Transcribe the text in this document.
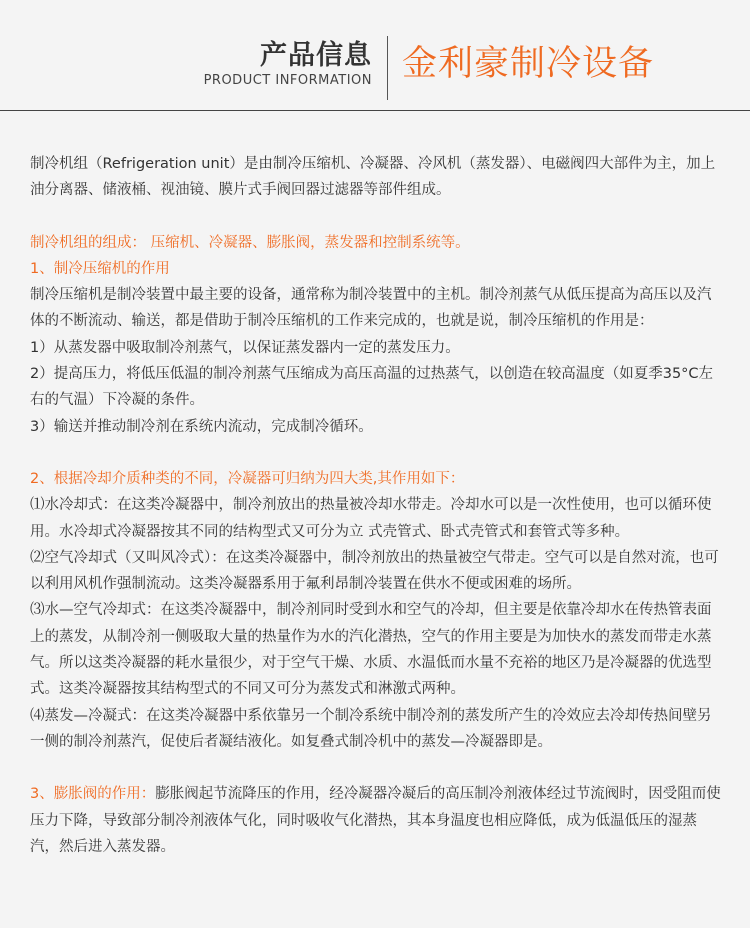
产品信息
PRODUCT INFORMATION 金利豪制冷设备

制冷机组（Refrigeration unit）是由制冷压缩机、冷凝器、冷风机（蒸发器）、电磁阀四大部件为主，加上油分离器、储液桶、视油镜、膜片式手阀回器过滤器等部件组成。

制冷机组的组成： 压缩机、冷凝器、膨胀阀，蒸发器和控制系统等。

1、制冷压缩机的作用

制冷压缩机是制冷装置中最主要的设备，通常称为制冷装置中的主机。制冷剂蒸气从低压提高为高压以及汽体的不断流动、输送，都是借助于制冷压缩机的工作来完成的，也就是说，制冷压缩机的作用是：

1）从蒸发器中吸取制冷剂蒸气，以保证蒸发器内一定的蒸发压力。

2）提高压力，将低压低温的制冷剂蒸气压缩成为高压高温的过热蒸气，以创造在较高温度（如夏季35°C左右的气温）下冷凝的条件。

3）输送并推动制冷剂在系统内流动，完成制冷循环。

2、根据冷却介质种类的不同，冷凝器可归纳为四大类,其作用如下：

⑴水冷却式：在这类冷凝器中，制冷剂放出的热量被冷却水带走。冷却水可以是一次性使用，也可以循环使用。水冷却式冷凝器按其不同的结构型式又可分为立 式壳管式、卧式壳管式和套管式等多种。

⑵空气冷却式（又叫风冷式）：在这类冷凝器中，制冷剂放出的热量被空气带走。空气可以是自然对流，也可以利用风机作强制流动。这类冷凝器系用于氟利昂制冷装置在供水不便或困难的场所。

⑶水—空气冷却式：在这类冷凝器中，制冷剂同时受到水和空气的冷却，但主要是依靠冷却水在传热管表面上的蒸发，从制冷剂一侧吸取大量的热量作为水的汽化潜热，空气的作用主要是为加快水的蒸发而带走水蒸气。所以这类冷凝器的耗水量很少，对于空气干燥、水质、水温低而水量不充裕的地区乃是冷凝器的优选型式。这类冷凝器按其结构型式的不同又可分为蒸发式和淋激式两种。

⑷蒸发—冷凝式：在这类冷凝器中系依靠另一个制冷系统中制冷剂的蒸发所产生的冷效应去冷却传热间壁另一侧的制冷剂蒸汽，促使后者凝结液化。如复叠式制冷机中的蒸发—冷凝器即是。

3、膨胀阀的作用：膨胀阀起节流降压的作用，经冷凝器冷凝后的高压制冷剂液体经过节流阀时，因受阻而使压力下降，导致部分制冷剂液体气化，同时吸收气化潜热，其本身温度也相应降低，成为低温低压的湿蒸汽，然后进入蒸发器。
